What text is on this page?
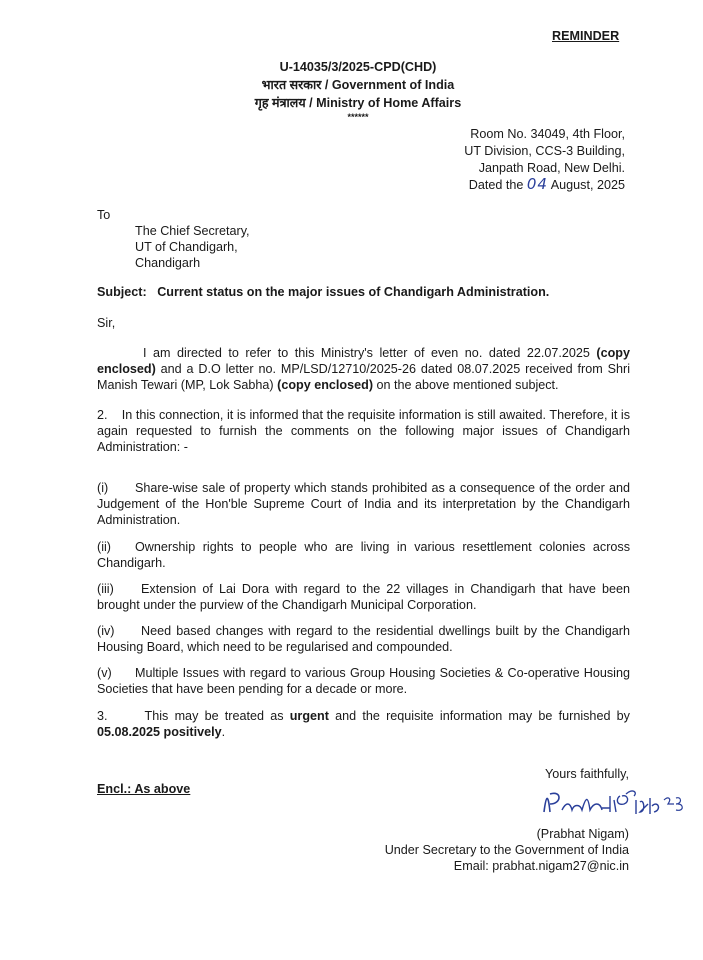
REMINDER
U-14035/3/2025-CPD(CHD)
भारत सरकार / Government of India
गृह मंत्रालय / Ministry of Home Affairs
******
Room No. 34049, 4th Floor,
UT Division, CCS-3 Building,
Janpath Road, New Delhi.
Dated the 04 August, 2025
To
The Chief Secretary,
UT of Chandigarh,
Chandigarh
Subject: Current status on the major issues of Chandigarh Administration.
Sir,
I am directed to refer to this Ministry's letter of even no. dated 22.07.2025 (copy enclosed) and a D.O letter no. MP/LSD/12710/2025-26 dated 08.07.2025 received from Shri Manish Tewari (MP, Lok Sabha) (copy enclosed) on the above mentioned subject.
2.    In this connection, it is informed that the requisite information is still awaited. Therefore, it is again requested to furnish the comments on the following major issues of Chandigarh Administration: -
(i) Share-wise sale of property which stands prohibited as a consequence of the order and Judgement of the Hon'ble Supreme Court of India and its interpretation by the Chandigarh Administration.
(ii) Ownership rights to people who are living in various resettlement colonies across Chandigarh.
(iii) Extension of Lai Dora with regard to the 22 villages in Chandigarh that have been brought under the purview of the Chandigarh Municipal Corporation.
(iv) Need based changes with regard to the residential dwellings built by the Chandigarh Housing Board, which need to be regularised and compounded.
(v) Multiple Issues with regard to various Group Housing Societies & Co-operative Housing Societies that have been pending for a decade or more.
3.      This may be treated as urgent and the requisite information may be furnished by 05.08.2025 positively.
Yours faithfully,
Encl.: As above
(Prabhat Nigam)
Under Secretary to the Government of India
Email: prabhat.nigam27@nic.in
